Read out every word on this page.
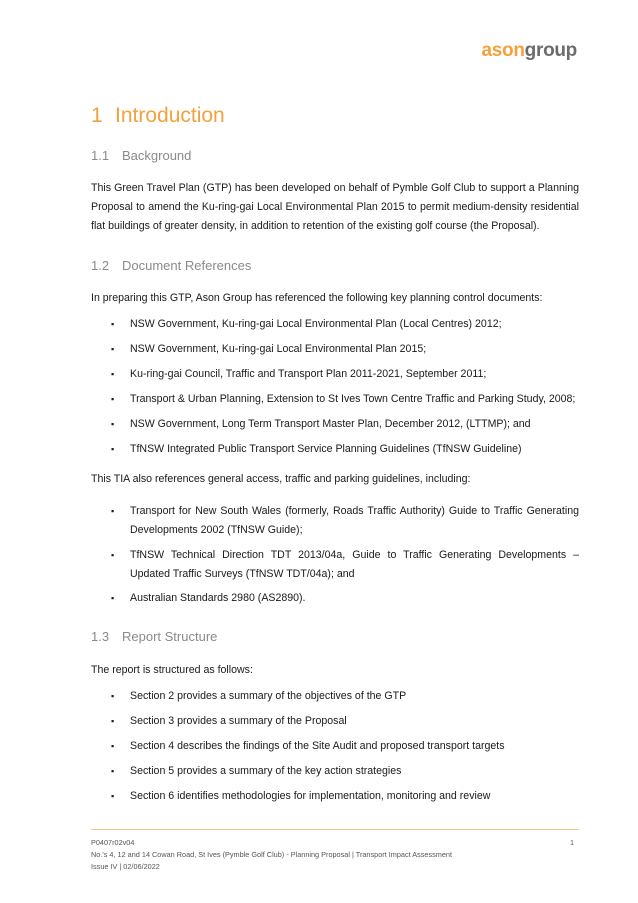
asongroup
1 Introduction
1.1 Background
This Green Travel Plan (GTP) has been developed on behalf of Pymble Golf Club to support a Planning Proposal to amend the Ku-ring-gai Local Environmental Plan 2015 to permit medium-density residential flat buildings of greater density, in addition to retention of the existing golf course (the Proposal).
1.2 Document References
In preparing this GTP, Ason Group has referenced the following key planning control documents:
▪ NSW Government, Ku-ring-gai Local Environmental Plan (Local Centres) 2012;
▪ NSW Government, Ku-ring-gai Local Environmental Plan 2015;
▪ Ku-ring-gai Council, Traffic and Transport Plan 2011-2021, September 2011;
▪ Transport & Urban Planning, Extension to St Ives Town Centre Traffic and Parking Study, 2008;
▪ NSW Government, Long Term Transport Master Plan, December 2012, (LTTMP); and
▪ TfNSW Integrated Public Transport Service Planning Guidelines (TfNSW Guideline)
This TIA also references general access, traffic and parking guidelines, including:
▪ Transport for New South Wales (formerly, Roads Traffic Authority) Guide to Traffic Generating Developments 2002 (TfNSW Guide);
▪ TfNSW Technical Direction TDT 2013/04a, Guide to Traffic Generating Developments – Updated Traffic Surveys (TfNSW TDT/04a); and
▪ Australian Standards 2980 (AS2890).
1.3 Report Structure
The report is structured as follows:
▪ Section 2 provides a summary of the objectives of the GTP
▪ Section 3 provides a summary of the Proposal
▪ Section 4 describes the findings of the Site Audit and proposed transport targets
▪ Section 5 provides a summary of the key action strategies
▪ Section 6 identifies methodologies for implementation, monitoring and review
P0407r02v04
No.'s 4, 12 and 14 Cowan Road, St Ives (Pymble Golf Club) - Planning Proposal | Transport Impact Assessment
Issue IV | 02/06/2022
1
